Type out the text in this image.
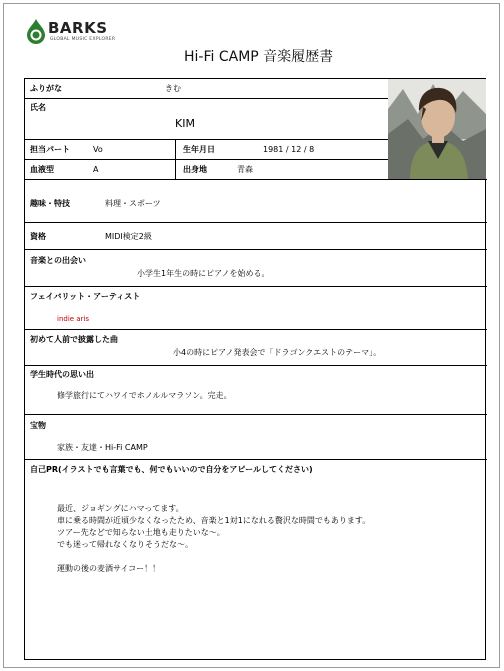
BARKS
GLOBAL MUSIC EXPLORER
Hi-Fi CAMP 音楽履歴書
ふりがな	きむ
氏名
KIM
担当パート	Vo	生年月日	1981 / 12 / 8
血液型	A	出身地	青森
趣味・特技	料理・スポーツ
資格	MIDI検定2級
音楽との出会い
小学生1年生の時にピアノを始める。
フェイバリット・アーティスト
indie aris
初めて人前で披露した曲
小4の時にピアノ発表会で「ドラゴンクエストのテーマ」。
学生時代の思い出
修学旅行にてハワイでホノルルマラソン。完走。
宝物
家族・友達・Hi-Fi CAMP
自己PR(イラストでも言葉でも、何でもいいので自分をアピールしてください)
最近、ジョギングにハマってます。
車に乗る時間が近頃少なくなったため、音楽と1対1になれる贅沢な時間でもあります。
ツアー先などで知らない土地も走りたいな～。
でも迷って帰れなくなりそうだな～。
運動の後の麦酒サイコー！！
